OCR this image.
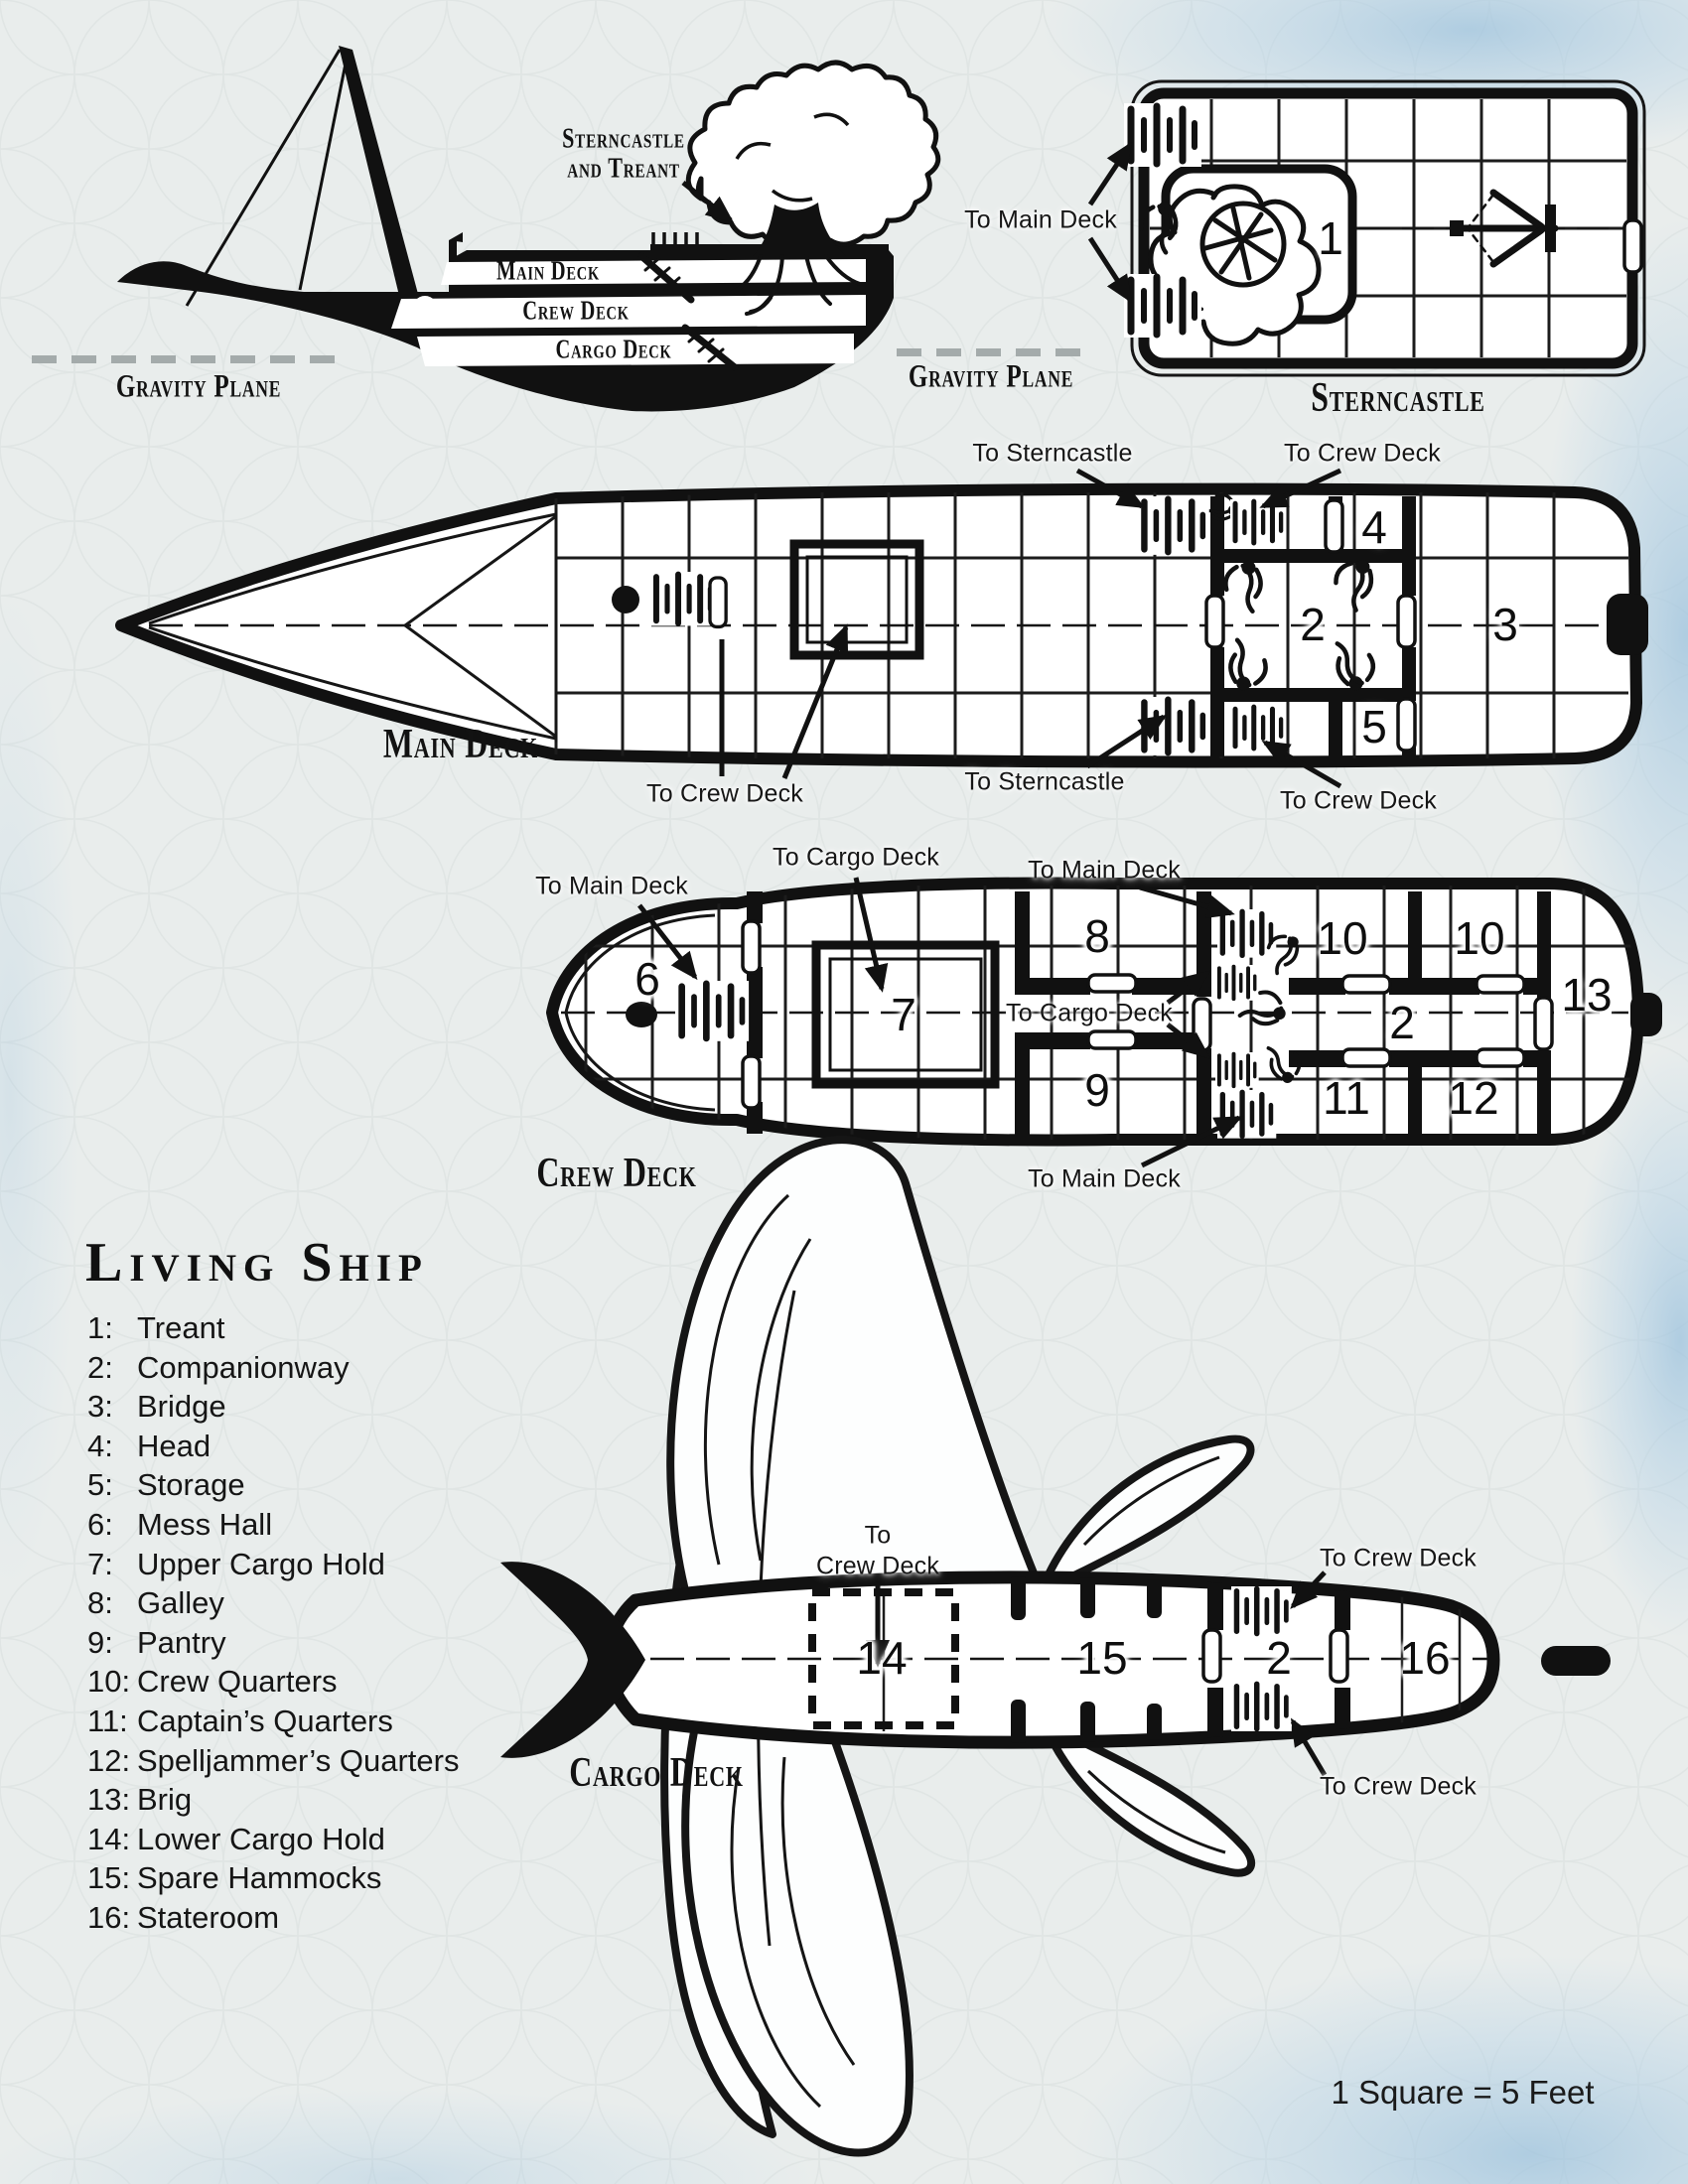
Sterncastle
and Treant
Main Deck
Crew Deck
Cargo Deck
Gravity Plane	Gravity Plane
To Main Deck	1
Sterncastle
To Sterncastle	To Crew Deck
4
2	3
5
Main Deck
To Crew Deck	To Sterncastle
To Crew Deck
To Main Deck
To Cargo Deck	To Main Deck
6
7
8
9
10 10
2
11 12
13
To Cargo Deck
To Main Deck
Crew Deck
To
Crew Deck	To Crew Deck
To Crew Deck
14	15	2 16
Cargo Deck
Living Ship
1: Treant
2: Companionway
3: Bridge
4: Head
5: Storage
6: Mess Hall
7: Upper Cargo Hold
8: Galley
9: Pantry
10: Crew Quarters
11: Captain’s Quarters
12: Spelljammer’s Quarters
13: Brig
14: Lower Cargo Hold
15: Spare Hammocks
16: Stateroom
1 Square = 5 Feet
